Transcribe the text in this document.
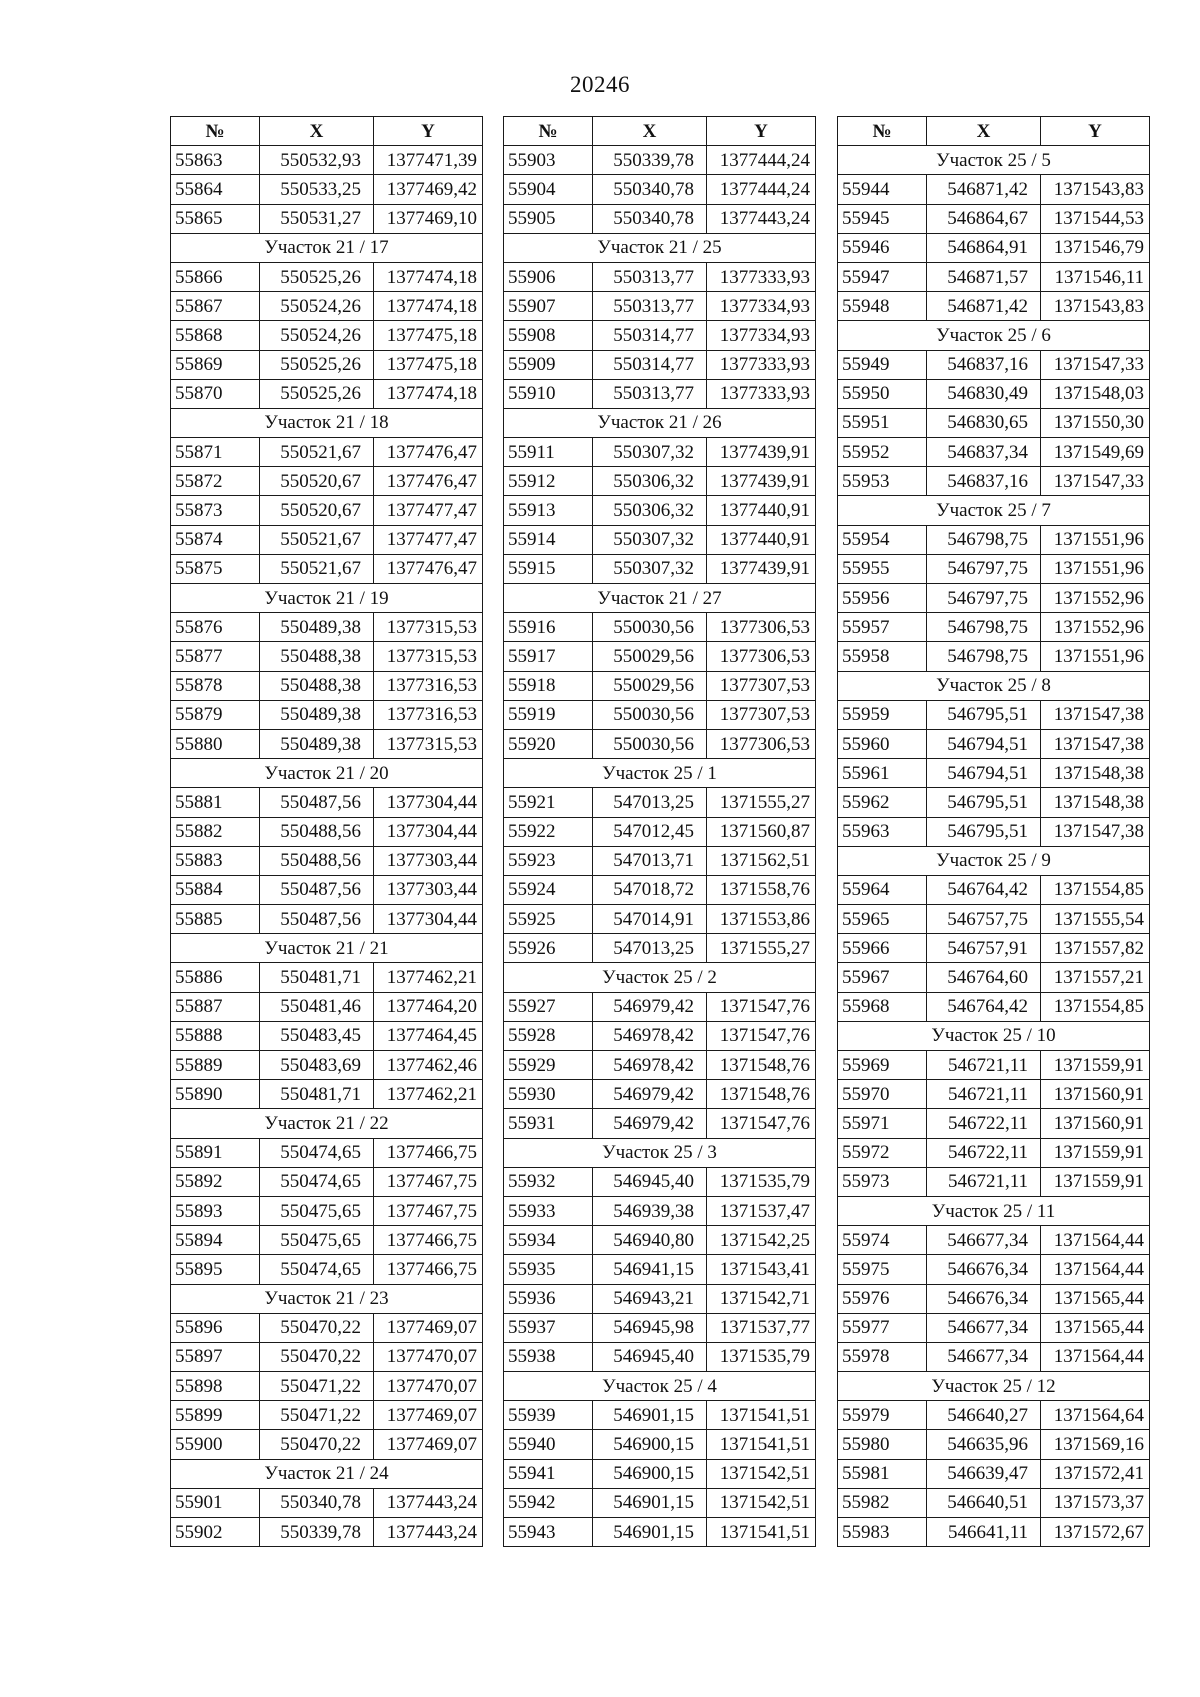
20246
№	X	Y
55863	550532,93	1377471,39
55864	550533,25	1377469,42
55865	550531,27	1377469,10
Участок 21 / 17		
55866	550525,26	1377474,18
55867	550524,26	1377474,18
55868	550524,26	1377475,18
55869	550525,26	1377475,18
55870	550525,26	1377474,18
Участок 21 / 18		
55871	550521,67	1377476,47
55872	550520,67	1377476,47
55873	550520,67	1377477,47
55874	550521,67	1377477,47
55875	550521,67	1377476,47
Участок 21 / 19		
55876	550489,38	1377315,53
55877	550488,38	1377315,53
55878	550488,38	1377316,53
55879	550489,38	1377316,53
55880	550489,38	1377315,53
Участок 21 / 20		
55881	550487,56	1377304,44
55882	550488,56	1377304,44
55883	550488,56	1377303,44
55884	550487,56	1377303,44
55885	550487,56	1377304,44
Участок 21 / 21		
55886	550481,71	1377462,21
55887	550481,46	1377464,20
55888	550483,45	1377464,45
55889	550483,69	1377462,46
55890	550481,71	1377462,21
Участок 21 / 22		
55891	550474,65	1377466,75
55892	550474,65	1377467,75
55893	550475,65	1377467,75
55894	550475,65	1377466,75
55895	550474,65	1377466,75
Участок 21 / 23		
55896	550470,22	1377469,07
55897	550470,22	1377470,07
55898	550471,22	1377470,07
55899	550471,22	1377469,07
55900	550470,22	1377469,07
Участок 21 / 24		
55901	550340,78	1377443,24
55902	550339,78	1377443,24
№	X	Y
55903	550339,78	1377444,24
55904	550340,78	1377444,24
55905	550340,78	1377443,24
Участок 21 / 25		
55906	550313,77	1377333,93
55907	550313,77	1377334,93
55908	550314,77	1377334,93
55909	550314,77	1377333,93
55910	550313,77	1377333,93
Участок 21 / 26		
55911	550307,32	1377439,91
55912	550306,32	1377439,91
55913	550306,32	1377440,91
55914	550307,32	1377440,91
55915	550307,32	1377439,91
Участок 21 / 27		
55916	550030,56	1377306,53
55917	550029,56	1377306,53
55918	550029,56	1377307,53
55919	550030,56	1377307,53
55920	550030,56	1377306,53
Участок 25 / 1		
55921	547013,25	1371555,27
55922	547012,45	1371560,87
55923	547013,71	1371562,51
55924	547018,72	1371558,76
55925	547014,91	1371553,86
55926	547013,25	1371555,27
Участок 25 / 2		
55927	546979,42	1371547,76
55928	546978,42	1371547,76
55929	546978,42	1371548,76
55930	546979,42	1371548,76
55931	546979,42	1371547,76
Участок 25 / 3		
55932	546945,40	1371535,79
55933	546939,38	1371537,47
55934	546940,80	1371542,25
55935	546941,15	1371543,41
55936	546943,21	1371542,71
55937	546945,98	1371537,77
55938	546945,40	1371535,79
Участок 25 / 4		
55939	546901,15	1371541,51
55940	546900,15	1371541,51
55941	546900,15	1371542,51
55942	546901,15	1371542,51
55943	546901,15	1371541,51
№	X	Y
Участок 25 / 5		
55944	546871,42	1371543,83
55945	546864,67	1371544,53
55946	546864,91	1371546,79
55947	546871,57	1371546,11
55948	546871,42	1371543,83
Участок 25 / 6		
55949	546837,16	1371547,33
55950	546830,49	1371548,03
55951	546830,65	1371550,30
55952	546837,34	1371549,69
55953	546837,16	1371547,33
Участок 25 / 7		
55954	546798,75	1371551,96
55955	546797,75	1371551,96
55956	546797,75	1371552,96
55957	546798,75	1371552,96
55958	546798,75	1371551,96
Участок 25 / 8		
55959	546795,51	1371547,38
55960	546794,51	1371547,38
55961	546794,51	1371548,38
55962	546795,51	1371548,38
55963	546795,51	1371547,38
Участок 25 / 9		
55964	546764,42	1371554,85
55965	546757,75	1371555,54
55966	546757,91	1371557,82
55967	546764,60	1371557,21
55968	546764,42	1371554,85
Участок 25 / 10		
55969	546721,11	1371559,91
55970	546721,11	1371560,91
55971	546722,11	1371560,91
55972	546722,11	1371559,91
55973	546721,11	1371559,91
Участок 25 / 11		
55974	546677,34	1371564,44
55975	546676,34	1371564,44
55976	546676,34	1371565,44
55977	546677,34	1371565,44
55978	546677,34	1371564,44
Участок 25 / 12		
55979	546640,27	1371564,64
55980	546635,96	1371569,16
55981	546639,47	1371572,41
55982	546640,51	1371573,37
55983	546641,11	1371572,67
